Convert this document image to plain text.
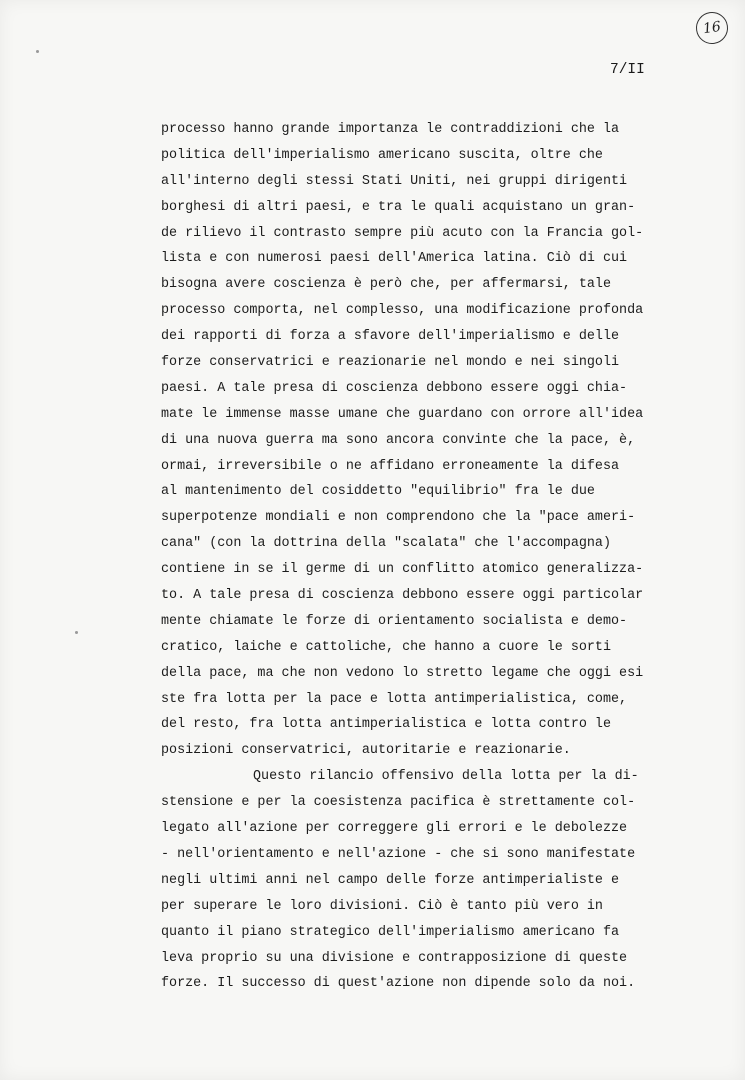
16
7/II
processo hanno grande importanza le contraddizioni che la
politica dell'imperialismo americano suscita, oltre che
all'interno degli stessi Stati Uniti, nei gruppi dirigenti
borghesi di altri paesi, e tra le quali acquistano un gran-
de rilievo il contrasto sempre più acuto con la Francia gol-
lista e con numerosi paesi dell'America latina. Ciò di cui
bisogna avere coscienza è però che, per affermarsi, tale
processo comporta, nel complesso, una modificazione profonda
dei rapporti di forza a sfavore dell'imperialismo e delle
forze conservatrici e reazionarie nel mondo e nei singoli
paesi. A tale presa di coscienza debbono essere oggi chia-
mate le immense masse umane che guardano con orrore all'idea
di una nuova guerra ma sono ancora convinte che la pace, è,
ormai, irreversibile o ne affidano erroneamente la difesa
al mantenimento del cosiddetto "equilibrio" fra le due
superpotenze mondiali e non comprendono che la "pace ameri-
cana" (con la dottrina della "scalata" che l'accompagna)
contiene in se il germe di un conflitto atomico generalizza-
to. A tale presa di coscienza debbono essere oggi particolar
mente chiamate le forze di orientamento socialista e demo-
cratico, laiche e cattoliche, che hanno a cuore le sorti
della pace, ma che non vedono lo stretto legame che oggi esi
ste fra lotta per la pace e lotta antimperialistica, come,
del resto, fra lotta antimperialistica e lotta contro le
posizioni conservatrici, autoritarie e reazionarie.
Questo rilancio offensivo della lotta per la di-
stensione e per la coesistenza pacifica è strettamente col-
legato all'azione per correggere gli errori e le debolezze
- nell'orientamento e nell'azione - che si sono manifestate
negli ultimi anni nel campo delle forze antimperialiste e
per superare le loro divisioni. Ciò è tanto più vero in
quanto il piano strategico dell'imperialismo americano fa
leva proprio su una divisione e contrapposizione di queste
forze. Il successo di quest'azione non dipende solo da noi.
